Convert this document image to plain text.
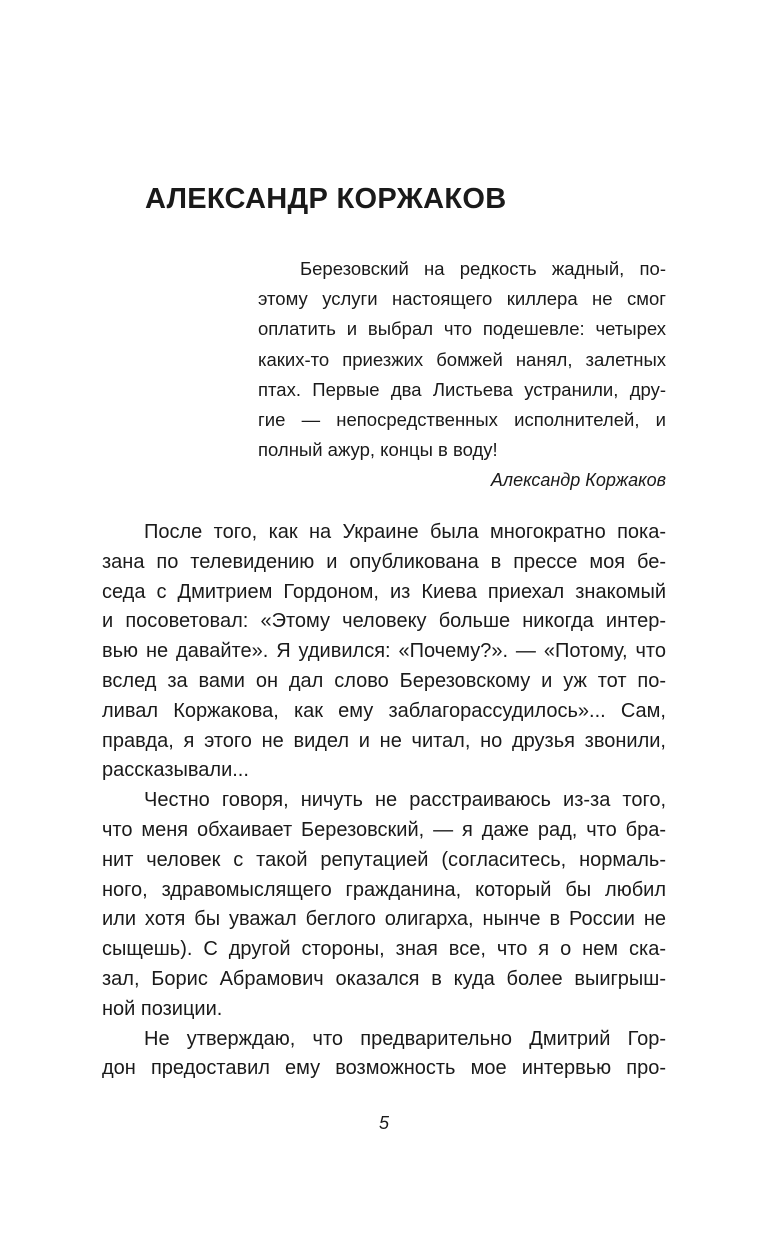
АЛЕКСАНДР КОРЖАКОВ
Березовский на редкость жадный, по-
этому услуги настоящего киллера не смог
оплатить и выбрал что подешевле: четырех
каких-то приезжих бомжей нанял, залетных
птах. Первые два Листьева устранили, дру-
гие — непосредственных исполнителей, и
полный ажур, концы в воду!
Александр Коржаков
После того, как на Украине была многократно пока-
зана по телевидению и опубликована в прессе моя бе-
седа с Дмитрием Гордоном, из Киева приехал знакомый
и посоветовал: «Этому человеку больше никогда интер-
вью не давайте». Я удивился: «Почему?». — «Потому, что
вслед за вами он дал слово Березовскому и уж тот по-
ливал Коржакова, как ему заблагорассудилось»... Сам,
правда, я этого не видел и не читал, но друзья звонили,
рассказывали...
Честно говоря, ничуть не расстраиваюсь из-за того,
что меня обхаивает Березовский, — я даже рад, что бра-
нит человек с такой репутацией (согласитесь, нормаль-
ного, здравомыслящего гражданина, который бы любил
или хотя бы уважал беглого олигарха, нынче в России не
сыщешь). С другой стороны, зная все, что я о нем ска-
зал, Борис Абрамович оказался в куда более выигрыш-
ной позиции.
Не утверждаю, что предварительно Дмитрий Гор-
дон предоставил ему возможность мое интервью про-
5
